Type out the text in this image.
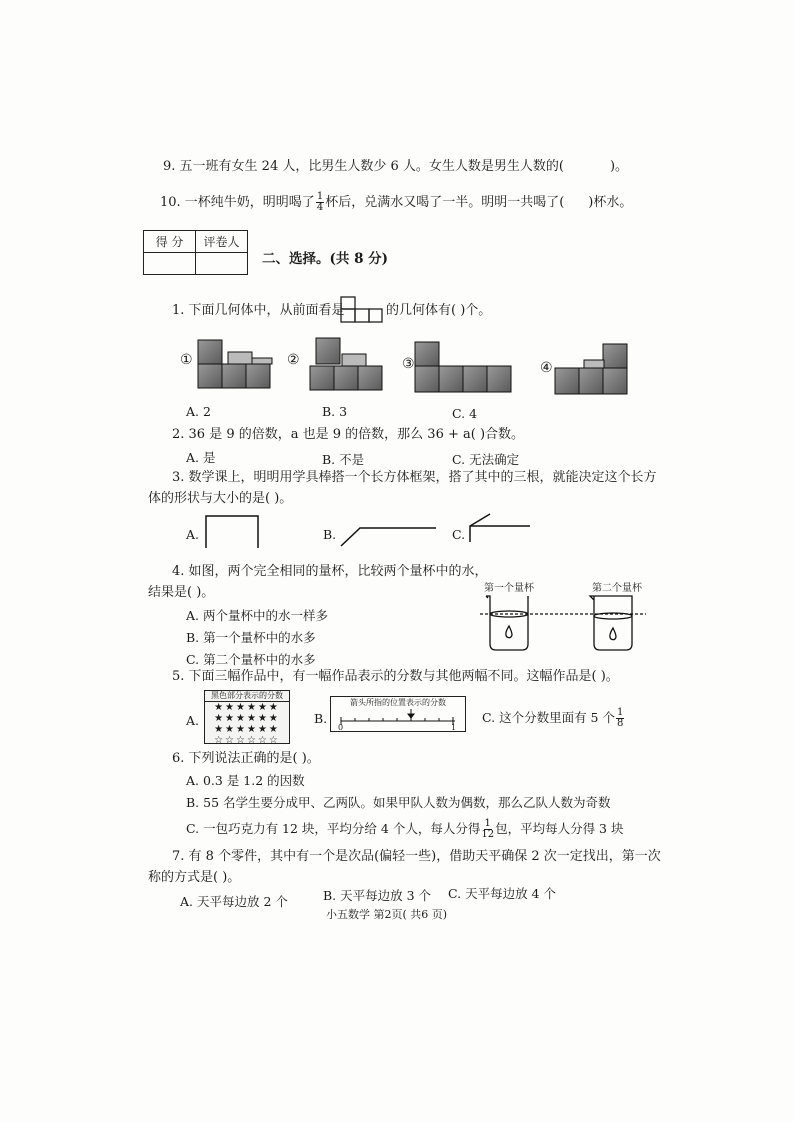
9. 五一班有女生 24 人，比男生人数少 6 人。女生人数是男生人数的(	)。
10. 一杯纯牛奶，明明喝了 $\frac{1}{4}$ 杯后，兑满水又喝了一半。明明一共喝了( )杯水。
得 分	评卷人

二、选择。(共 8 分)
1. 下面几何体中，从前面看是	的几何体有( )个。
①	②	③	④
A. 2	B. 3	C. 4
2. 36 是 9 的倍数，a 也是 9 的倍数，那么 36 + a( )合数。
A. 是	B. 不是	C. 无法确定
3. 数学课上，明明用学具棒搭一个长方体框架，搭了其中的三根，就能决定这个长方
体的形状与大小的是( )。
A.	B.	C.
4. 如图，两个完全相同的量杯，比较两个量杯中的水，
结果是( )。
A. 两个量杯中的水一样多
B. 第一个量杯中的水多
C. 第二个量杯中的水多
第一个量杯	第二个量杯
5. 下面三幅作品中，有一幅作品表示的分数与其他两幅不同。这幅作品是( )。
A.
黑色部分表示的分数
★★★★★★
★★★★★★
★★★★★★
☆☆☆☆☆☆
B.
箭头所指的位置表示的分数
0	1
C. 这个分数里面有 5 个 $\frac{1}{8}$
6. 下列说法正确的是( )。
A. 0.3 是 1.2 的因数
B. 55 名学生要分成甲、乙两队。如果甲队人数为偶数，那么乙队人数为奇数
C. 一包巧克力有 12 块，平均分给 4 个人，每人分得 $\frac{1}{12}$ 包，平均每人分得 3 块
7. 有 8 个零件，其中有一个是次品(偏轻一些)，借助天平确保 2 次一定找出，第一次
称的方式是( )。
A. 天平每边放 2 个	B. 天平每边放 3 个 C. 天平每边放 4 个
小五数学 第2页( 共6 页)
